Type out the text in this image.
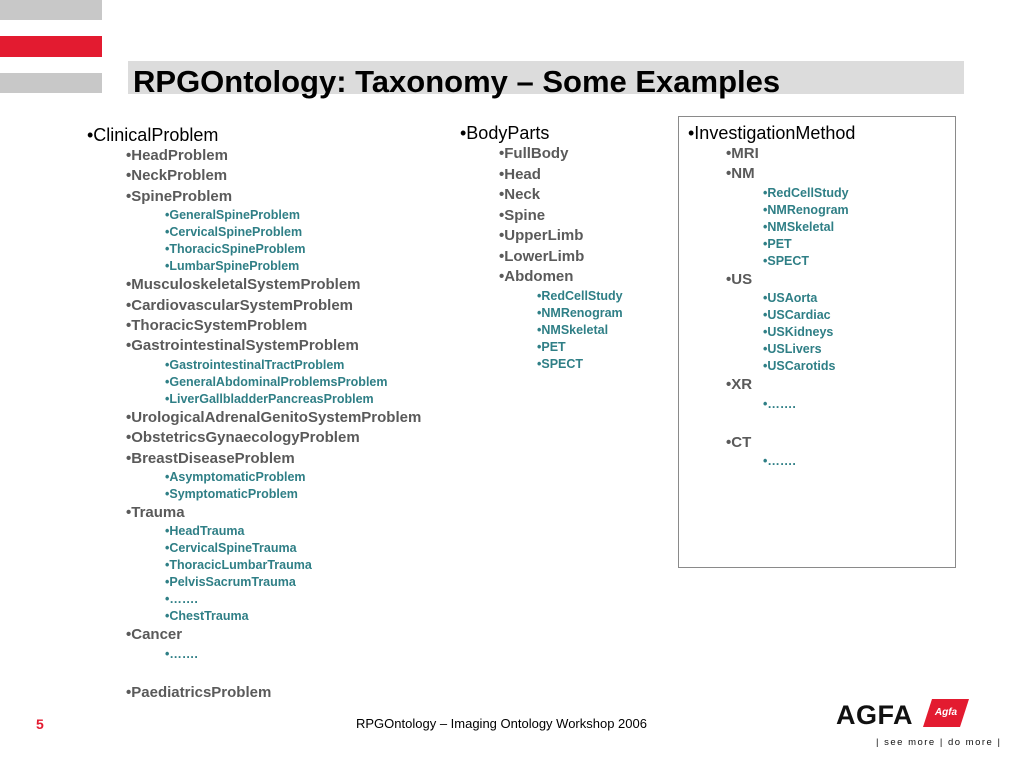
RPGOntology: Taxonomy – Some Examples
•ClinicalProblem
•HeadProblem
•NeckProblem
•SpineProblem
•GeneralSpineProblem
•CervicalSpineProblem
•ThoracicSpineProblem
•LumbarSpineProblem
•MusculoskeletalSystemProblem
•CardiovascularSystemProblem
•ThoracicSystemProblem
•GastrointestinalSystemProblem
•GastrointestinalTractProblem
•GeneralAbdominalProblemsProblem
•LiverGallbladderPancreasProblem
•UrologicalAdrenalGenitoSystemProblem
•ObstetricsGynaecologyProblem
•BreastDiseaseProblem
•AsymptomaticProblem
•SymptomaticProblem
•Trauma
•HeadTrauma
•CervicalSpineTrauma
•ThoracicLumbarTrauma
•PelvisSacrumTrauma
•…….
•ChestTrauma
•Cancer
•…….
•PaediatricsProblem
•BodyParts
•FullBody
•Head
•Neck
•Spine
•UpperLimb
•LowerLimb
•Abdomen
•RedCellStudy
•NMRenogram
•NMSkeletal
•PET
•SPECT
•InvestigationMethod
•MRI
•NM
•RedCellStudy
•NMRenogram
•NMSkeletal
•PET
•SPECT
•US
•USAorta
•USCardiac
•USKidneys
•USLivers
•USCarotids
•XR
•…….
•CT
•…….
5	RPGOntology – Imaging Ontology Workshop 2006	AGFA	Agfa
| see more | do more |
